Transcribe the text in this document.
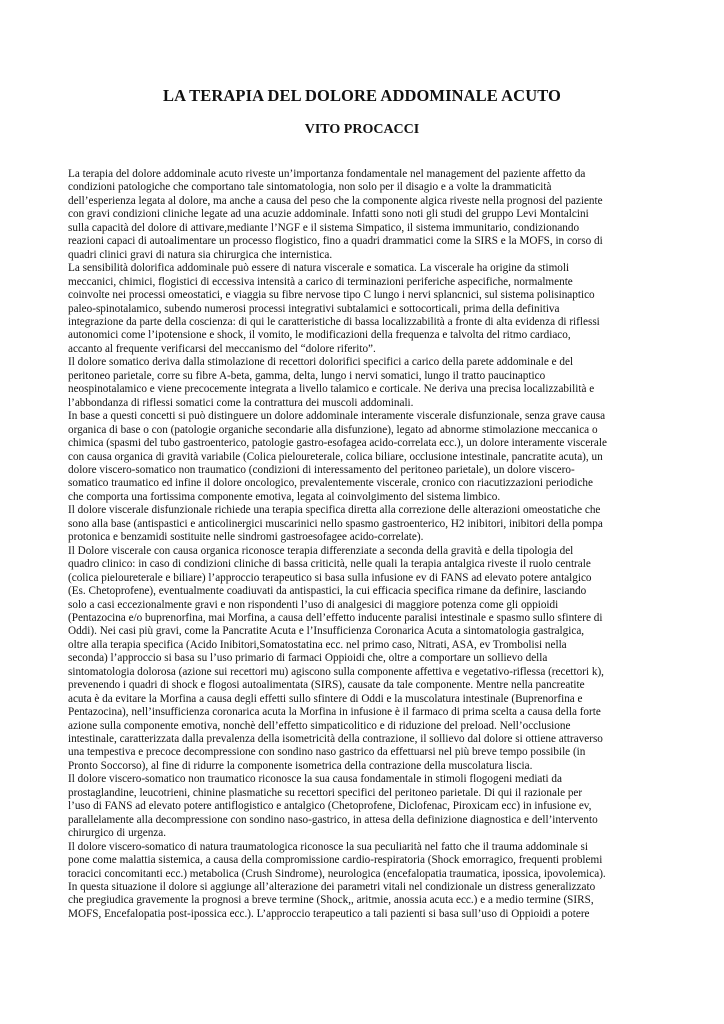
LA TERAPIA DEL DOLORE ADDOMINALE ACUTO
VITO PROCACCI
La terapia del dolore addominale acuto riveste un’importanza fondamentale nel management del paziente affetto da
condizioni patologiche che comportano tale sintomatologia, non solo per il disagio e a volte la drammaticità
dell’esperienza legata al dolore, ma anche a causa del peso che la componente algica riveste nella prognosi del paziente
con gravi condizioni cliniche legate ad una acuzie addominale. Infatti sono noti gli studi del gruppo Levi Montalcini
sulla capacità del dolore di attivare,mediante l’NGF e il sistema Simpatico, il sistema immunitario, condizionando
reazioni capaci di autoalimentare un processo flogistico, fino a quadri drammatici come la SIRS e la MOFS, in corso di
quadri clinici gravi di natura sia chirurgica che internistica.
La sensibilità dolorifica addominale può essere di natura viscerale e somatica. La viscerale ha origine da stimoli
meccanici, chimici, flogistici di eccessiva intensità a carico di terminazioni periferiche aspecifiche, normalmente
coinvolte nei processi omeostatici, e viaggia su fibre nervose tipo C lungo i nervi splancnici, sul sistema polisinaptico
paleo-spinotalamico, subendo numerosi processi integrativi subtalamici e sottocorticali, prima della definitiva
integrazione da parte della coscienza: di qui le caratteristiche di bassa localizzabilità a fronte di alta evidenza di riflessi
autonomici come l’ipotensione e shock, il vomito, le modificazioni della frequenza e talvolta del ritmo cardiaco,
accanto al frequente verificarsi del meccanismo del “dolore riferito”.
Il dolore somatico deriva dalla stimolazione di recettori dolorifici specifici a carico della parete addominale e del
peritoneo parietale, corre su fibre A-beta, gamma, delta, lungo i nervi somatici, lungo il tratto paucinaptico
neospinotalamico e viene precocemente integrata a livello talamico e corticale. Ne deriva una precisa localizzabilità e
l’abbondanza di riflessi somatici come la contrattura dei muscoli addominali.
In base a questi concetti si può distinguere un dolore addominale interamente viscerale disfunzionale, senza grave causa
organica di base o con (patologie organiche secondarie alla disfunzione), legato ad abnorme stimolazione meccanica o
chimica (spasmi del tubo gastroenterico, patologie gastro-esofagea acido-correlata ecc.), un dolore interamente viscerale
con causa organica di gravità variabile (Colica pieloureterale, colica biliare, occlusione intestinale, pancratite acuta), un
dolore viscero-somatico non traumatico (condizioni di interessamento del peritoneo parietale), un dolore viscero-
somatico traumatico ed infine il dolore oncologico, prevalentemente viscerale, cronico con riacutizzazioni periodiche
che comporta una fortissima componente emotiva, legata al coinvolgimento del sistema limbico.
Il dolore viscerale disfunzionale richiede una terapia specifica diretta alla correzione delle alterazioni omeostatiche che
sono alla base (antispastici e anticolinergici muscarinici nello spasmo gastroenterico, H2 inibitori, inibitori della pompa
protonica e benzamidi sostituite nelle sindromi gastroesofagee acido-correlate).
Il Dolore viscerale con causa organica riconosce terapia differenziate a seconda della gravità e della tipologia del
quadro clinico: in caso di condizioni cliniche di bassa criticità, nelle quali la terapia antalgica riveste il ruolo centrale
(colica pieloureterale e biliare) l’approccio terapeutico si basa sulla infusione ev di FANS ad elevato potere antalgico
(Es. Chetoprofene), eventualmente coadiuvati da antispastici, la cui efficacia specifica rimane da definire, lasciando
solo a casi eccezionalmente gravi e non rispondenti l’uso di analgesici di maggiore potenza come gli oppioidi
(Pentazocina e/o buprenorfina, mai Morfina, a causa dell’effetto inducente paralisi intestinale e spasmo sullo sfintere di
Oddi). Nei casi più gravi, come la Pancratite Acuta e l’Insufficienza Coronarica Acuta a sintomatologia gastralgica,
oltre alla terapia specifica (Acido Inibitori,Somatostatina ecc. nel primo caso, Nitrati, ASA, ev Trombolisi nella
seconda) l’approccio si basa su l’uso primario di farmaci Oppioidi che, oltre a comportare un sollievo della
sintomatologia dolorosa (azione sui recettori mu) agiscono sulla componente affettiva e vegetativo-riflessa (recettori k),
prevenendo i quadri di shock e flogosi autoalimentata (SIRS), causate da tale componente. Mentre nella pancreatite
acuta è da evitare la Morfina a causa degli effetti sullo sfintere di Oddi e la muscolatura intestinale (Buprenorfina e
Pentazocina), nell’insufficienza coronarica acuta la Morfina in infusione è il farmaco di prima scelta a causa della forte
azione sulla componente emotiva, nonchè dell’effetto simpaticolitico e di riduzione del preload. Nell’occlusione
intestinale, caratterizzata dalla prevalenza della isometricità della contrazione, il sollievo dal dolore si ottiene attraverso
una tempestiva e precoce decompressione con sondino naso gastrico da effettuarsi nel più breve tempo possibile (in
Pronto Soccorso), al fine di ridurre la componente isometrica della contrazione della muscolatura liscia.
Il dolore viscero-somatico non traumatico riconosce la sua causa fondamentale in stimoli flogogeni mediati da
prostaglandine, leucotrieni, chinine plasmatiche su recettori specifici del peritoneo parietale. Di qui il razionale per
l’uso di FANS ad elevato potere antiflogistico e antalgico (Chetoprofene, Diclofenac, Piroxicam ecc) in infusione ev,
parallelamente alla decompressione con sondino naso-gastrico, in attesa della definizione diagnostica e dell’intervento
chirurgico di urgenza.
Il dolore viscero-somatico di natura traumatologica riconosce la sua peculiarità nel fatto che il trauma addominale si
pone come malattia sistemica, a causa della compromissione cardio-respiratoria (Shock emorragico, frequenti problemi
toracici concomitanti ecc.) metabolica (Crush Sindrome), neurologica (encefalopatia traumatica, ipossica, ipovolemica).
In questa situazione il dolore si aggiunge all’alterazione dei parametri vitali nel condizionale un distress generalizzato
che pregiudica gravemente la prognosi a breve termine (Shock,, aritmie, anossia acuta ecc.) e a medio termine (SIRS,
MOFS, Encefalopatia post-ipossica ecc.). L’approccio terapeutico a tali pazienti si basa sull’uso di Oppioidi a potere
